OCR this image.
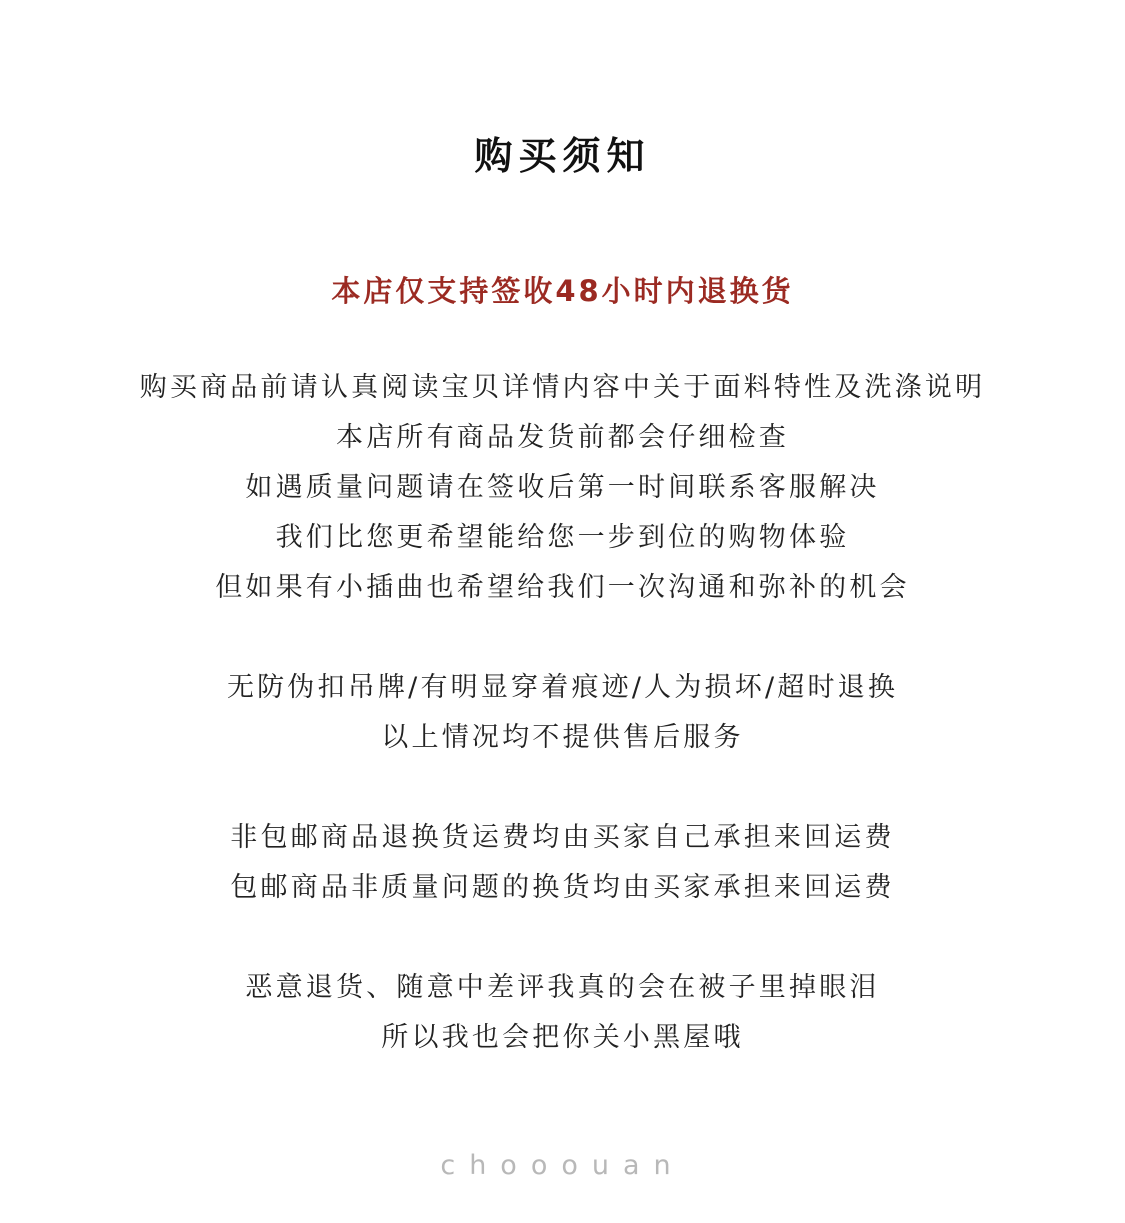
购买须知
本店仅支持签收48小时内退换货
购买商品前请认真阅读宝贝详情内容中关于面料特性及洗涤说明
本店所有商品发货前都会仔细检查
如遇质量问题请在签收后第一时间联系客服解决
我们比您更希望能给您一步到位的购物体验
但如果有小插曲也希望给我们一次沟通和弥补的机会
无防伪扣吊牌/有明显穿着痕迹/人为损坏/超时退换
以上情况均不提供售后服务
非包邮商品退换货运费均由买家自己承担来回运费
包邮商品非质量问题的换货均由买家承担来回运费
恶意退货、随意中差评我真的会在被子里掉眼泪
所以我也会把你关小黑屋哦
chooouan
